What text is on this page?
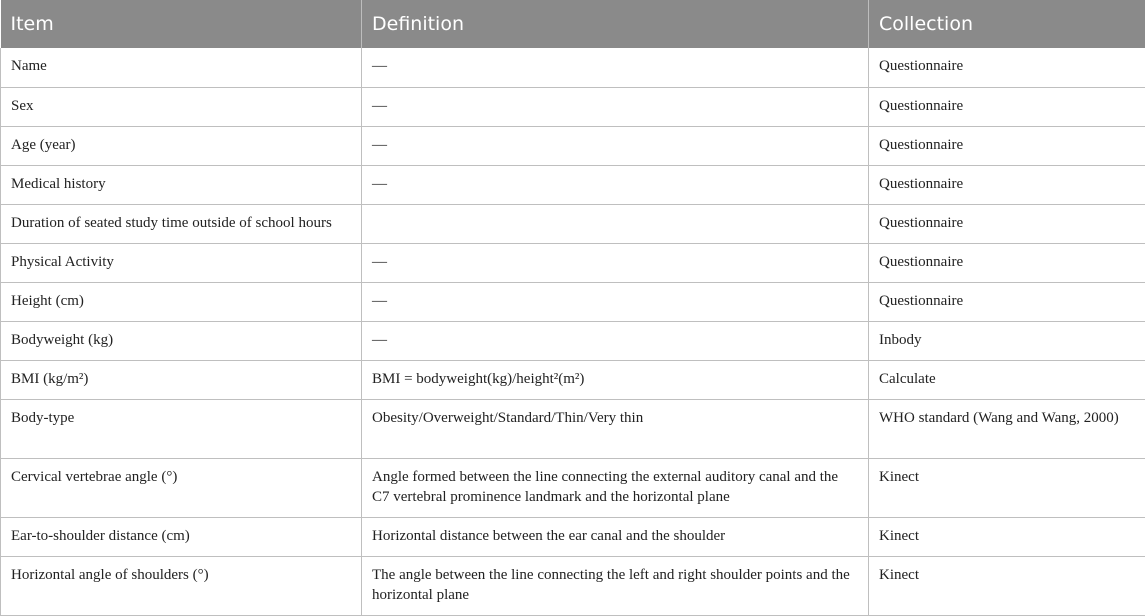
Item	Definition	Collection
Name	—	Questionnaire
Sex	—	Questionnaire
Age (year)	—	Questionnaire
Medical history	—	Questionnaire
Duration of seated study time outside of school hours		Questionnaire
Physical Activity	—	Questionnaire
Height (cm)	—	Questionnaire
Bodyweight (kg)	—	Inbody
BMI (kg/m²)	BMI = bodyweight(kg)/height²(m²)	Calculate
Body-type	Obesity/Overweight/Standard/Thin/Very thin	WHO standard (Wang and Wang, 2000)
Cervical vertebrae angle (°)	Angle formed between the line connecting the external auditory canal and the C7 vertebral prominence landmark and the horizontal plane	Kinect
Ear-to-shoulder distance (cm)	Horizontal distance between the ear canal and the shoulder	Kinect
Horizontal angle of shoulders (°)	The angle between the line connecting the left and right shoulder points and the horizontal plane	Kinect
